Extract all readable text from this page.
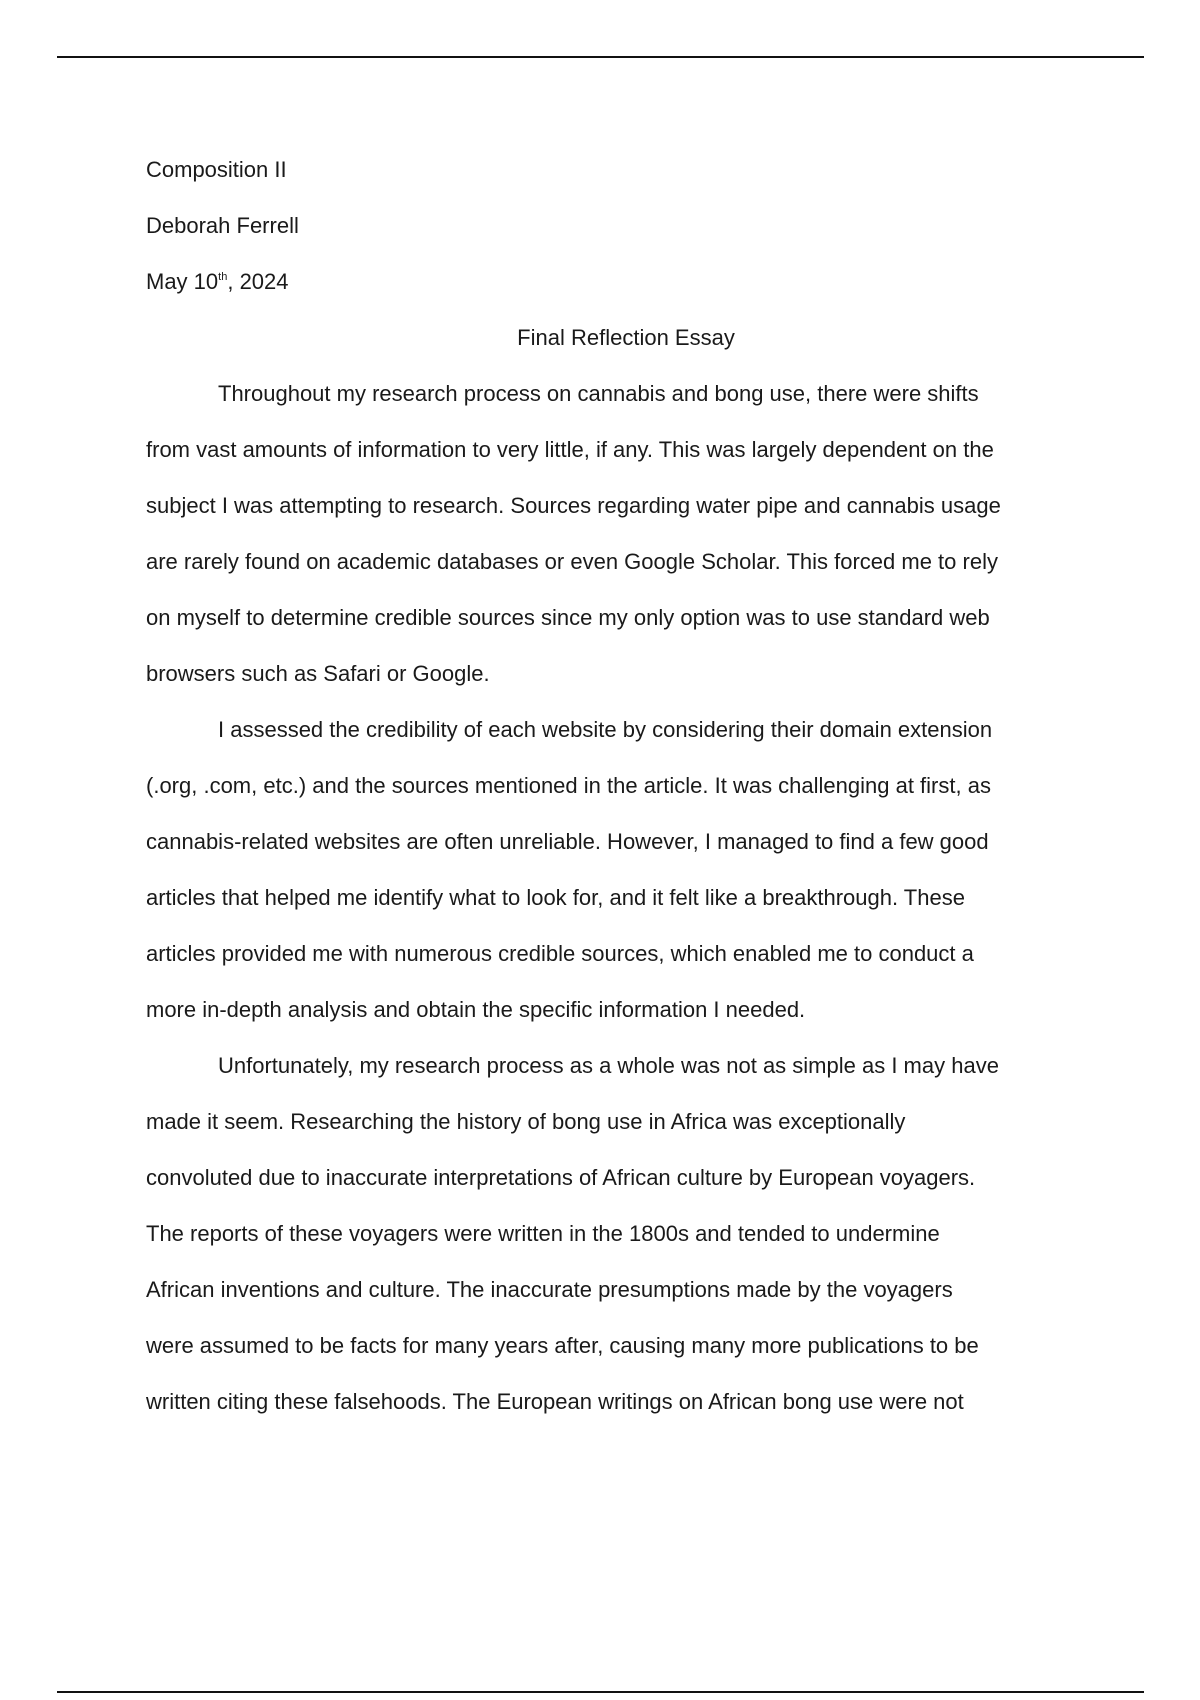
Composition II

Deborah Ferrell

May 10th, 2024

Final Reflection Essay
Throughout my research process on cannabis and bong use, there were shifts
from vast amounts of information to very little, if any. This was largely dependent on the
subject I was attempting to research. Sources regarding water pipe and cannabis usage
are rarely found on academic databases or even Google Scholar. This forced me to rely
on myself to determine credible sources since my only option was to use standard web
browsers such as Safari or Google.
I assessed the credibility of each website by considering their domain extension
(.org, .com, etc.) and the sources mentioned in the article. It was challenging at first, as
cannabis-related websites are often unreliable. However, I managed to find a few good
articles that helped me identify what to look for, and it felt like a breakthrough. These
articles provided me with numerous credible sources, which enabled me to conduct a
more in-depth analysis and obtain the specific information I needed.
Unfortunately, my research process as a whole was not as simple as I may have
made it seem. Researching the history of bong use in Africa was exceptionally
convoluted due to inaccurate interpretations of African culture by European voyagers.
The reports of these voyagers were written in the 1800s and tended to undermine
African inventions and culture. The inaccurate presumptions made by the voyagers
were assumed to be facts for many years after, causing many more publications to be
written citing these falsehoods. The European writings on African bong use were not
